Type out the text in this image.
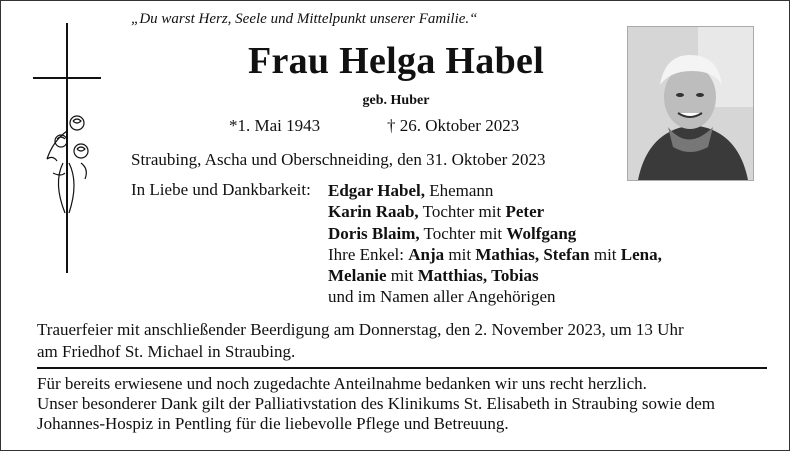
„Du warst Herz, Seele und Mittelpunkt unserer Familie.“
Frau Helga Habel
geb. Huber
*1. Mai 1943	† 26. Oktober 2023
Straubing, Ascha und Oberschneiding, den 31. Oktober 2023
In Liebe und Dankbarkeit: Edgar Habel, Ehemann
Karin Raab, Tochter mit Peter
Doris Blaim, Tochter mit Wolfgang
Ihre Enkel: Anja mit Mathias, Stefan mit Lena,
Melanie mit Matthias, Tobias
und im Namen aller Angehörigen
Trauerfeier mit anschließender Beerdigung am Donnerstag, den 2. November 2023, um 13 Uhr
am Friedhof St. Michael in Straubing.
Für bereits erwiesene und noch zugedachte Anteilnahme bedanken wir uns recht herzlich.
Unser besonderer Dank gilt der Palliativstation des Klinikums St. Elisabeth in Straubing sowie dem
Johannes-Hospiz in Pentling für die liebevolle Pflege und Betreuung.
